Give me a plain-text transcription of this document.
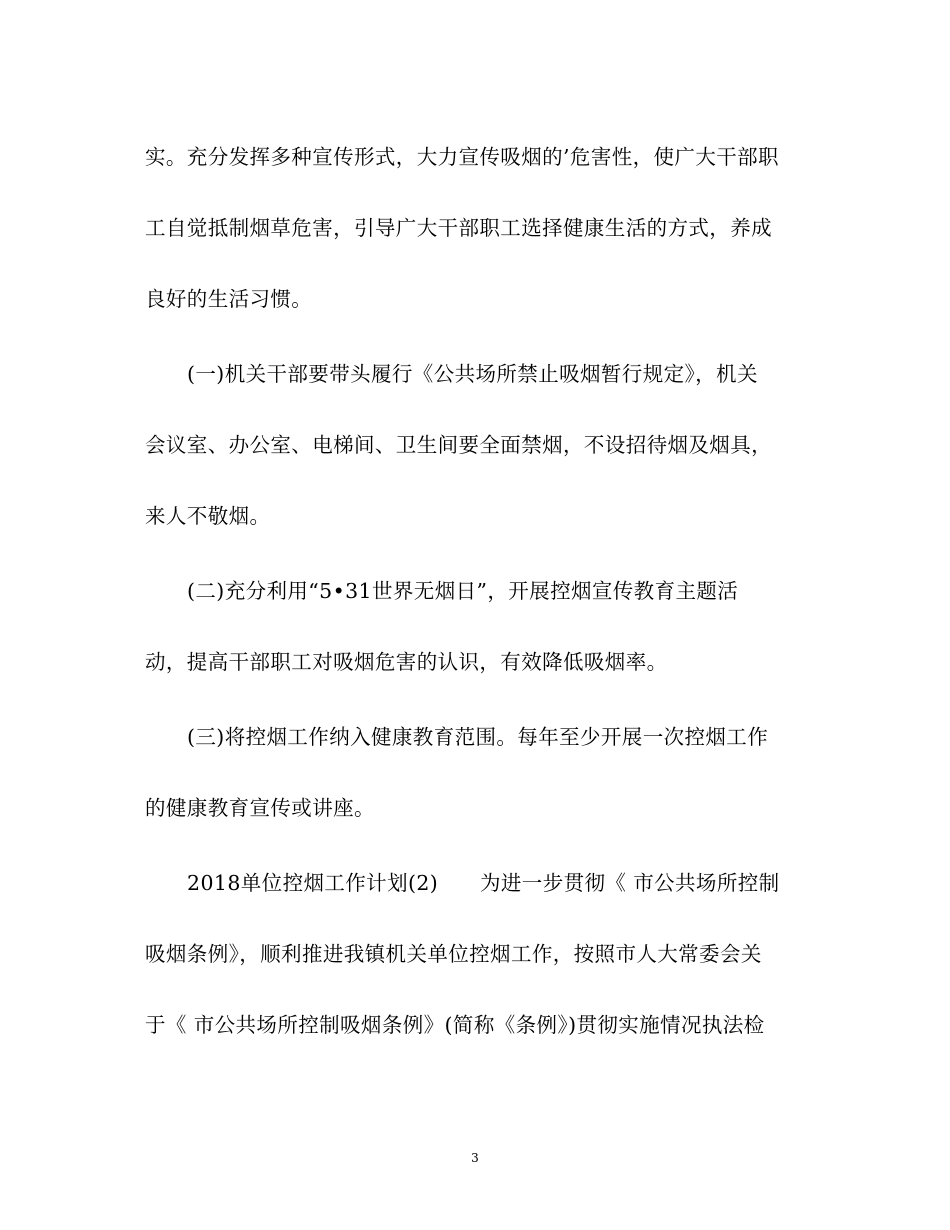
实。充分发挥多种宣传形式，大力宣传吸烟的’危害性，使广大干部职
工自觉抵制烟草危害，引导广大干部职工选择健康生活的方式，养成
良好的生活习惯。
(一)机关干部要带头履行《公共场所禁止吸烟暂行规定》，机关
会议室、办公室、电梯间、卫生间要全面禁烟，不设招待烟及烟具，
来人不敬烟。
(二)充分利用“5•31世界无烟日”，开展控烟宣传教育主题活
动，提高干部职工对吸烟危害的认识，有效降低吸烟率。
(三)将控烟工作纳入健康教育范围。每年至少开展一次控烟工作
的健康教育宣传或讲座。
2018单位控烟工作计划(2)　　为进一步贯彻《 市公共场所控制
吸烟条例》，顺利推进我镇机关单位控烟工作，按照市人大常委会关
于《 市公共场所控制吸烟条例》(简称《条例》)贯彻实施情况执法检
3
